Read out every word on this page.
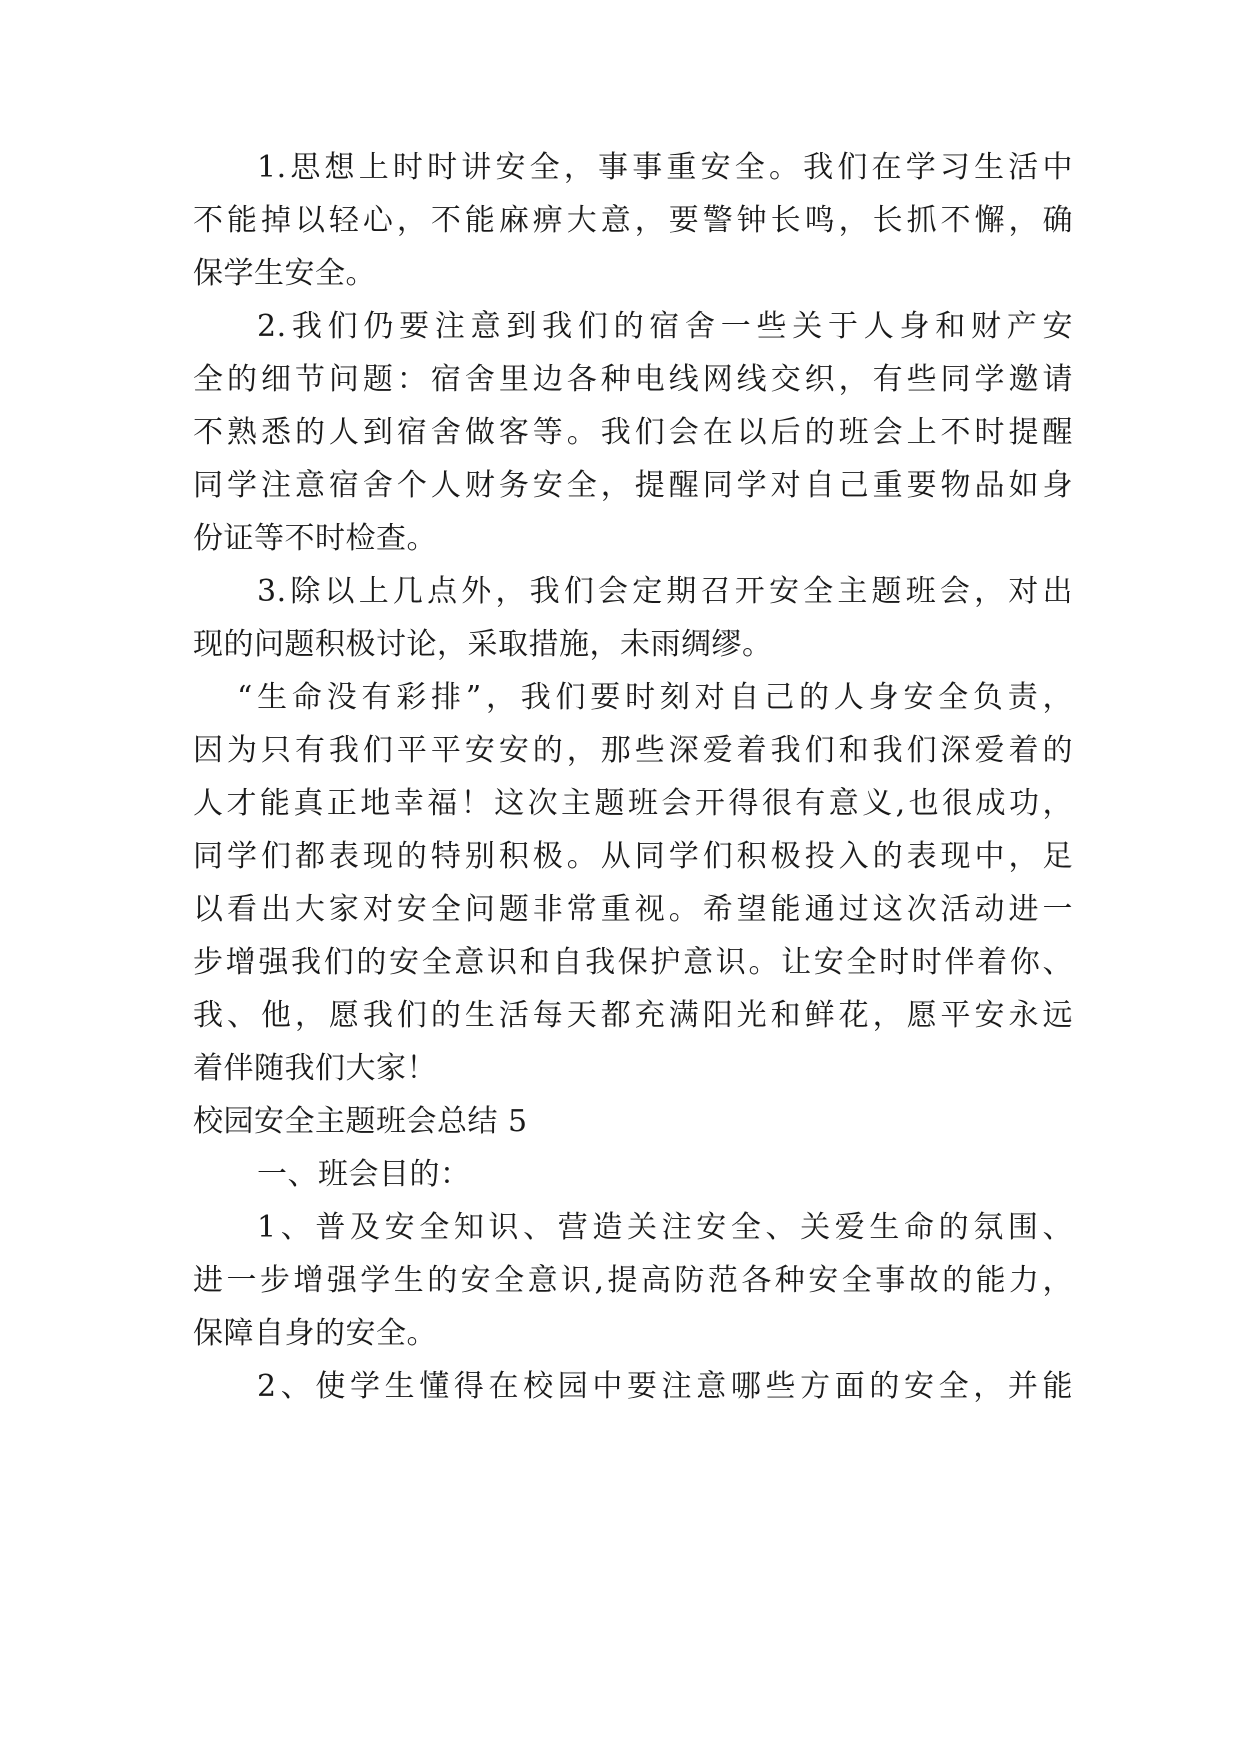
1.思想上时时讲安全，事事重安全。我们在学习生活中
不能掉以轻心，不能麻痹大意，要警钟长鸣，长抓不懈，确
保学生安全。
2.我们仍要注意到我们的宿舍一些关于人身和财产安
全的细节问题：宿舍里边各种电线网线交织，有些同学邀请
不熟悉的人到宿舍做客等。我们会在以后的班会上不时提醒
同学注意宿舍个人财务安全，提醒同学对自己重要物品如身
份证等不时检查。
3.除以上几点外，我们会定期召开安全主题班会，对出
现的问题积极讨论，采取措施，未雨绸缪。
“生命没有彩排”，我们要时刻对自己的人身安全负责，
因为只有我们平平安安的，那些深爱着我们和我们深爱着的
人才能真正地幸福！这次主题班会开得很有意义,也很成功，
同学们都表现的特别积极。从同学们积极投入的表现中，足
以看出大家对安全问题非常重视。希望能通过这次活动进一
步增强我们的安全意识和自我保护意识。让安全时时伴着你、
我、他，愿我们的生活每天都充满阳光和鲜花，愿平安永远
着伴随我们大家！
校园安全主题班会总结 5
一、班会目的：
1、普及安全知识、营造关注安全、关爱生命的氛围、
进一步增强学生的安全意识,提高防范各种安全事故的能力，
保障自身的安全。
2、使学生懂得在校园中要注意哪些方面的安全，并能
